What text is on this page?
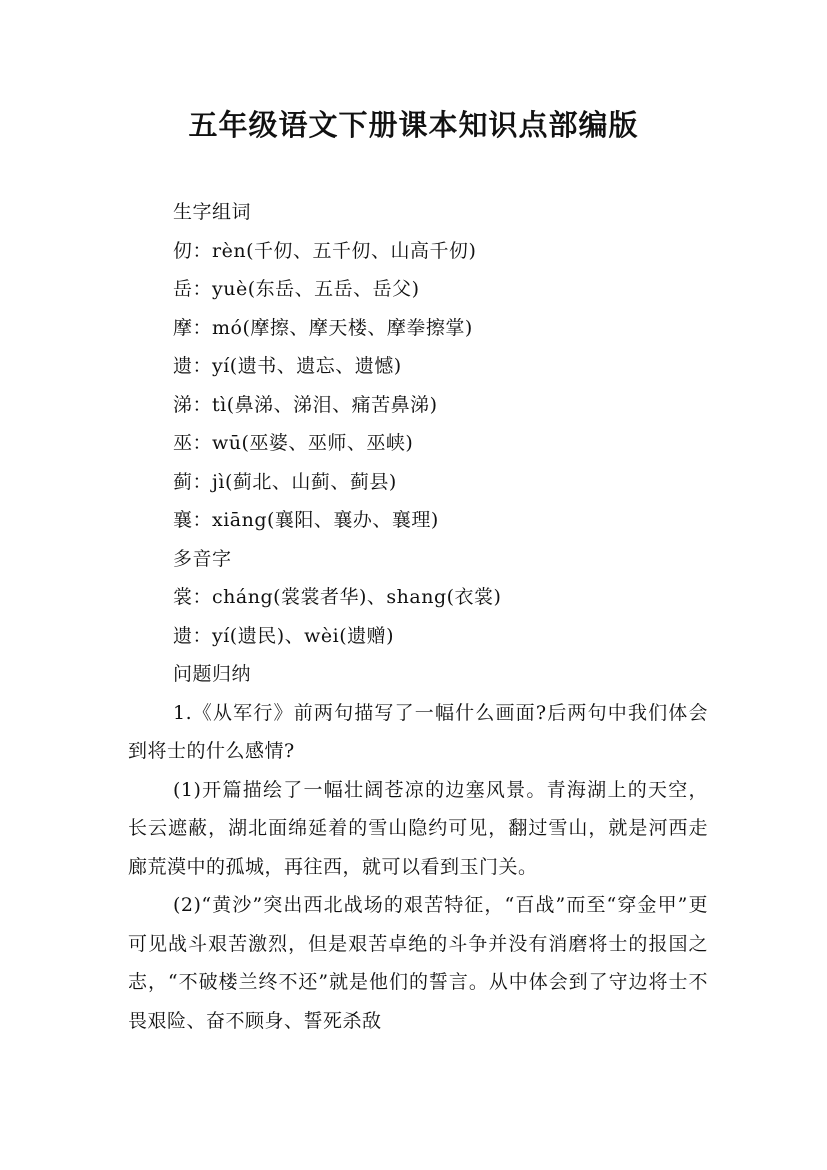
五年级语文下册课本知识点部编版

生字组词

仞：rèn(千仞、五千仞、山高千仞)

岳：yuè(东岳、五岳、岳父)

摩：mó(摩擦、摩天楼、摩拳擦掌)

遗：yí(遗书、遗忘、遗憾)

涕：tì(鼻涕、涕泪、痛苦鼻涕)

巫：wū(巫婆、巫师、巫峡)

蓟：jì(蓟北、山蓟、蓟县)

襄：xiāng(襄阳、襄办、襄理)

多音字

裳：cháng(裳裳者华)、shang(衣裳)

遗：yí(遗民)、wèi(遗赠)

问题归纳

1.《从军行》前两句描写了一幅什么画面?后两句中我们体会到将士的什么感情?

(1)开篇描绘了一幅壮阔苍凉的边塞风景。青海湖上的天空，长云遮蔽，湖北面绵延着的雪山隐约可见，翻过雪山，就是河西走廊荒漠中的孤城，再往西，就可以看到玉门关。

(2)“黄沙”突出西北战场的艰苦特征，“百战”而至“穿金甲”更可见战斗艰苦激烈，但是艰苦卓绝的斗争并没有消磨将士的报国之志，“不破楼兰终不还”就是他们的誓言。从中体会到了守边将士不畏艰险、奋不顾身、誓死杀敌
